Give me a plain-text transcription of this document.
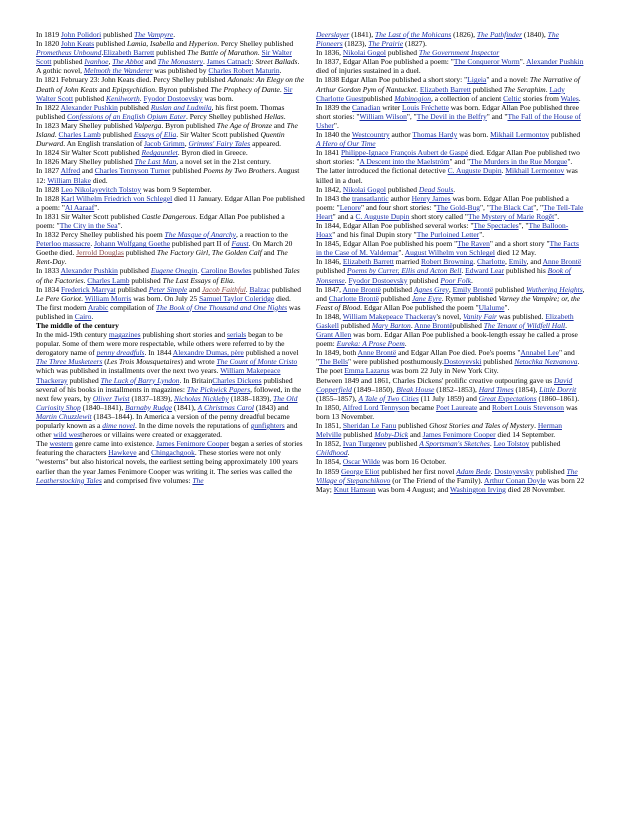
In 1819 John Polidori published The Vampyre.

In 1820 John Keats published Lamia, Isabella and Hyperion. Percy Shelley published Prometheus Unbound.Elizabeth Barrett published The Battle of Marathon. Sir Walter Scott published Ivanhoe, The Abbot and The Monastery. James Catnach: Street Ballads. A gothic novel, Melmoth the Wanderer was published by Charles Robert Maturin.

In 1821 February 23: John Keats died. Percy Shelley published Adonais: An Elegy on the Death of John Keats and Epipsychidion. Byron published The Prophecy of Dante. Sir Walter Scott published Kenilworth. Fyodor Dostoevsky was born.

In 1822 Alexander Pushkin published Ruslan and Ludmila, his first poem. Thomas published Confessions of an English Opium Eater. Percy Shelley published Hellas.

In 1823 Mary Shelley published Valperga. Byron published The Age of Bronze and The Island. Charles Lamb published Essays of Elia. Sir Walter Scott published Quentin Durward. An English translation of Jacob Grimm, Grimms' Fairy Tales appeared.

In 1824 Sir Walter Scott published Redgauntlet. Byron died in Greece.

In 1826 Mary Shelley published The Last Man, a novel set in the 21st century.

In 1827 Alfred and Charles Tennyson Turner published Poems by Two Brothers. August 12: William Blake died.

In 1828 Leo Nikolayevitch Tolstoy was born 9 September.

In 1828 Karl Wilhelm Friedrich von Schlegel died 11 January. Edgar Allan Poe published a poem: "Al Aaraaf".

In 1831 Sir Walter Scott published Castle Dangerous. Edgar Allan Poe published a poem: "The City in the Sea".

In 1832 Percy Shelley published his poem The Masque of Anarchy, a reaction to the Peterloo massacre. Johann Wolfgang Goethe published part II of Faust. On March 20 Goethe died. Jerrold Douglas published The Factory Girl, The Golden Calf and The Rent-Day.

In 1833 Alexander Pushkin published Eugene Onegin. Caroline Bowles published Tales of the Factories. Charles Lamb published The Last Essays of Elia.

In 1834 Frederick Marryat published Peter Simple and Jacob Faithful. Balzac published Le Pere Goriot. William Morris was born. On July 25 Samuel Taylor Coleridge died.

The first modern Arabic compilation of The Book of One Thousand and One Nights was published in Cairo.

The middle of the century

In the mid-19th century magazines publishing short stories and serials began to be popular. Some of them were more respectable, while others were referred to by the derogatory name of penny dreadfuls. In 1844 Alexandre Dumas, père published a novel The Three Musketeers (Les Trois Mousquetaires) and wrote The Count of Monte Cristo which was published in installments over the next two years. William Makepeace Thackeray published The Luck of Barry Lyndon. In BritainCharles Dickens published several of his books in installments in magazines: The Pickwick Papers, followed, in the next few years, by Oliver Twist (1837–1839), Nicholas Nickleby (1838–1839), The Old Curiosity Shop (1840–1841), Barnaby Rudge (1841), A Christmas Carol (1843) and Martin Chuzzlewit (1843–1844). In America a version of the penny dreadful became popularly known as a dime novel. In the dime novels the reputations of gunfighters and other wild westheroes or villains were created or exaggerated.

The western genre came into existence. James Fenimore Cooper began a series of stories featuring the characters Hawkeye and Chingachgook. These stories were not only "westerns" but also historical novels, the earliest setting being approximately 100 years earlier than the year James Fenimore Cooper was writing it. The series was called the Leatherstocking Tales and comprised five volumes: The

Deerslayer (1841), The Last of the Mohicans (1826), The Pathfinder (1840), The Pioneers (1823), The Prairie (1827).

In 1836, Nikolai Gogol published The Government Inspector

In 1837, Edgar Allan Poe published a poem: "The Conqueror Worm". Alexander Pushkin died of injuries sustained in a duel.

In 1838 Edgar Allan Poe published a short story: "Ligeia" and a novel: The Narrative of Arthur Gordon Pym of Nantucket. Elizabeth Barrett published The Seraphim. Lady Charlotte Guestpublished Mabinogion, a collection of ancient Celtic stories from Wales.

In 1839 the Canadian writer Louis Fréchette was born. Edgar Allan Poe published three short stories: "William Wilson", "The Devil in the Belfry" and "The Fall of the House of Usher".

In 1840 the Westcountry author Thomas Hardy was born. Mikhail Lermontov published A Hero of Our Time

In 1841 Philippe-Ignace François Aubert de Gaspé died. Edgar Allan Poe published two short stories: "A Descent into the Maelström" and "The Murders in the Rue Morgue". The latter introduced the fictional detective C. Auguste Dupin. Mikhail Lermontov was killed in a duel.

In 1842, Nikolai Gogol published Dead Souls.

In 1843 the transatlantic author Henry James was born. Edgar Allan Poe published a poem: "Lenore" and four short stories: "The Gold-Bug", "The Black Cat", "The Tell-Tale Heart" and a C. Auguste Dupin short story called "The Mystery of Marie Rogêt".

In 1844, Edgar Allan Poe published several works: "The Spectacles", "The Balloon-Hoax" and his final Dupin story "The Purloined Letter".

In 1845, Edgar Allan Poe published his poem "The Raven" and a short story "The Facts in the Case of M. Valdemar". August Wilhelm von Schlegel died 12 May.

In 1846, Elizabeth Barrett married Robert Browning. Charlotte, Emily, and Anne Brontë published Poems by Currer, Ellis and Acton Bell. Edward Lear published his Book of Nonsense. Fyodor Dostoevsky published Poor Folk.

In 1847, Anne Brontë published Agnes Grey, Emily Brontë published Wuthering Heights, and Charlotte Brontë published Jane Eyre. Rymer published Varney the Vampire; or, the Feast of Blood. Edgar Allan Poe published the poem "Ulalume".

In 1848, William Makepeace Thackeray's novel, Vanity Fair was published. Elizabeth Gaskell published Mary Barton. Anne Brontëpublished The Tenant of Wildfell Hall. Grant Allen was born. Edgar Allan Poe published a book-length essay he called a prose poem: Eureka: A Prose Poem.

In 1849, both Anne Brontë and Edgar Allan Poe died. Poe's poems "Annabel Lee" and "The Bells" were published posthumously.Dostoyevski published Netochka Nezvanova. The poet Emma Lazarus was born 22 July in New York City.

Between 1849 and 1861, Charles Dickens' prolific creative outpouring gave us David Copperfield (1849–1850), Bleak House (1852–1853), Hard Times (1854), Little Dorrit (1855–1857), A Tale of Two Cities (11 July 1859) and Great Expectations (1860–1861).

In 1850, Alfred Lord Tennyson became Poet Laureate and Robert Louis Stevenson was born 13 November.

In 1851, Sheridan Le Fanu published Ghost Stories and Tales of Mystery. Herman Melville published Moby-Dick and James Fenimore Cooper died 14 September.

In 1852, Ivan Turgenev published A Sportsman's Sketches. Leo Tolstoy published Childhood.

In 1854, Oscar Wilde was born 16 October.

In 1859 George Eliot published her first novel Adam Bede. Dostoyevsky published The Village of Stepanchikovo (or The Friend of the Family). Arthur Conan Doyle was born 22 May; Knut Hamsun was born 4 August; and Washington Irving died 28 November.
